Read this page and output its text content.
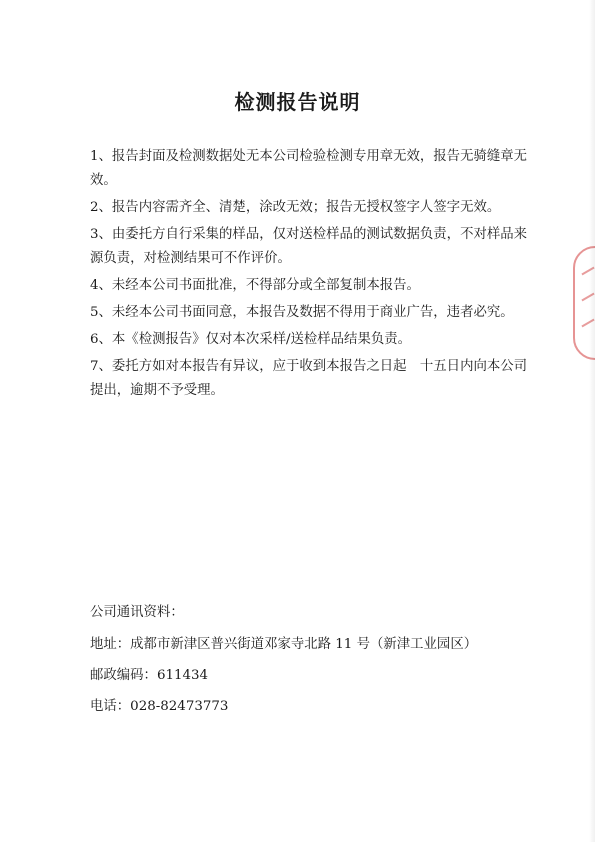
检测报告说明
1、报告封面及检测数据处无本公司检验检测专用章无效，报告无骑缝章无效。
2、报告内容需齐全、清楚，涂改无效；报告无授权签字人签字无效。
3、由委托方自行采集的样品，仅对送检样品的测试数据负责，不对样品来源负责，对检测结果可不作评价。
4、未经本公司书面批准，不得部分或全部复制本报告。
5、未经本公司书面同意，本报告及数据不得用于商业广告，违者必究。
6、本《检测报告》仅对本次采样/送检样品结果负责。
7、委托方如对本报告有异议，应于收到本报告之日起　十五日内向本公司提出，逾期不予受理。
公司通讯资料：
地址：成都市新津区普兴街道邓家寺北路 11 号（新津工业园区）
邮政编码：611434
电话：028-82473773
